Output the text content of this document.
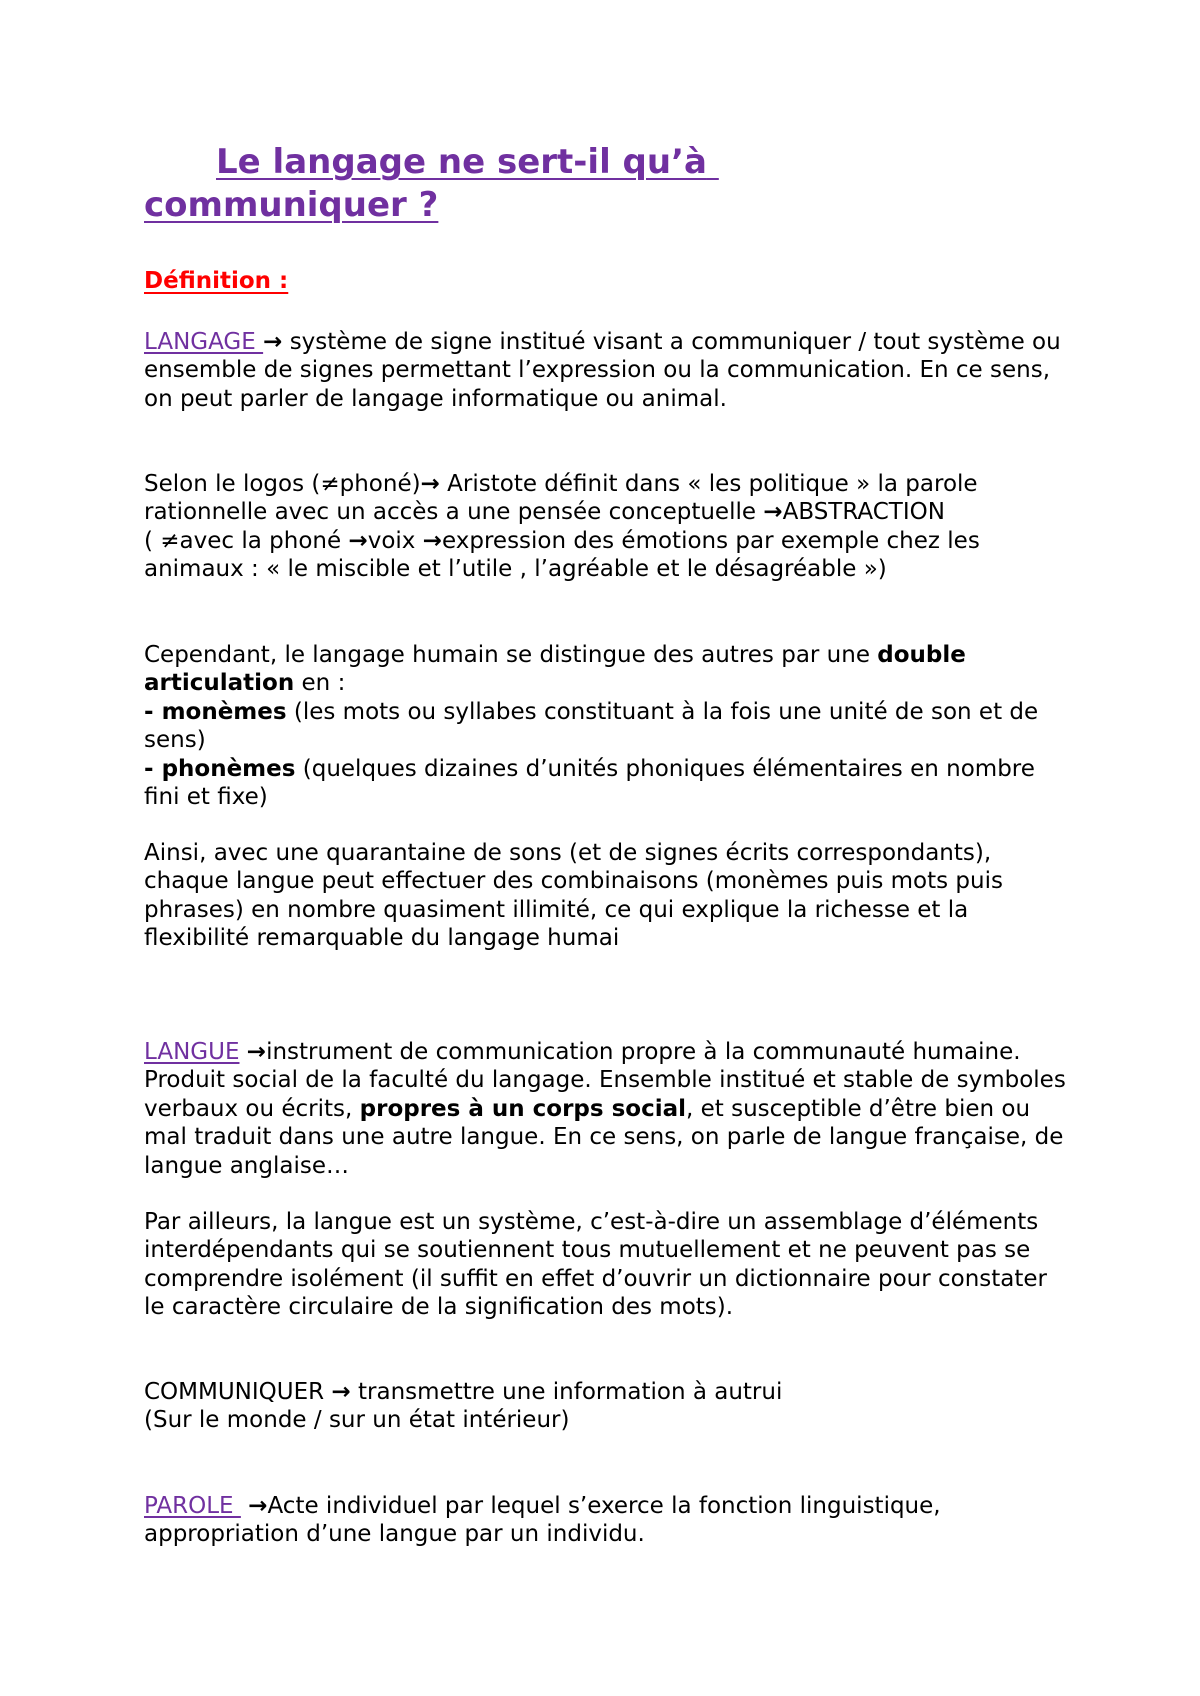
Le langage ne sert-il qu’à communiquer ?
Définition :
LANGAGE → système de signe institué visant a communiquer / tout système ou ensemble de signes permettant l’expression ou la communication. En ce sens, on peut parler de langage informatique ou animal.
Selon le logos (≠phoné)→ Aristote définit dans « les politique » la parole rationnelle avec un accès a une pensée conceptuelle →ABSTRACTION
( ≠avec la phoné →voix →expression des émotions par exemple chez les animaux : « le miscible et l’utile , l’agréable et le désagréable »)
Cependant, le langage humain se distingue des autres par une double articulation en :
- monèmes (les mots ou syllabes constituant à la fois une unité de son et de sens)
- phonèmes (quelques dizaines d’unités phoniques élémentaires en nombre fini et fixe)
Ainsi, avec une quarantaine de sons (et de signes écrits correspondants), chaque langue peut effectuer des combinaisons (monèmes puis mots puis phrases) en nombre quasiment illimité, ce qui explique la richesse et la flexibilité remarquable du langage humai
LANGUE →instrument de communication propre à la communauté humaine. Produit social de la faculté du langage. Ensemble institué et stable de symboles verbaux ou écrits, propres à un corps social, et susceptible d’être bien ou mal traduit dans une autre langue. En ce sens, on parle de langue française, de langue anglaise…
Par ailleurs, la langue est un système, c’est-à-dire un assemblage d’éléments interdépendants qui se soutiennent tous mutuellement et ne peuvent pas se comprendre isolément (il suffit en effet d’ouvrir un dictionnaire pour constater le caractère circulaire de la signification des mots).
COMMUNIQUER → transmettre une information à autrui
(Sur le monde / sur un état intérieur)
PAROLE  →Acte individuel par lequel s’exerce la fonction linguistique, appropriation d’une langue par un individu.
